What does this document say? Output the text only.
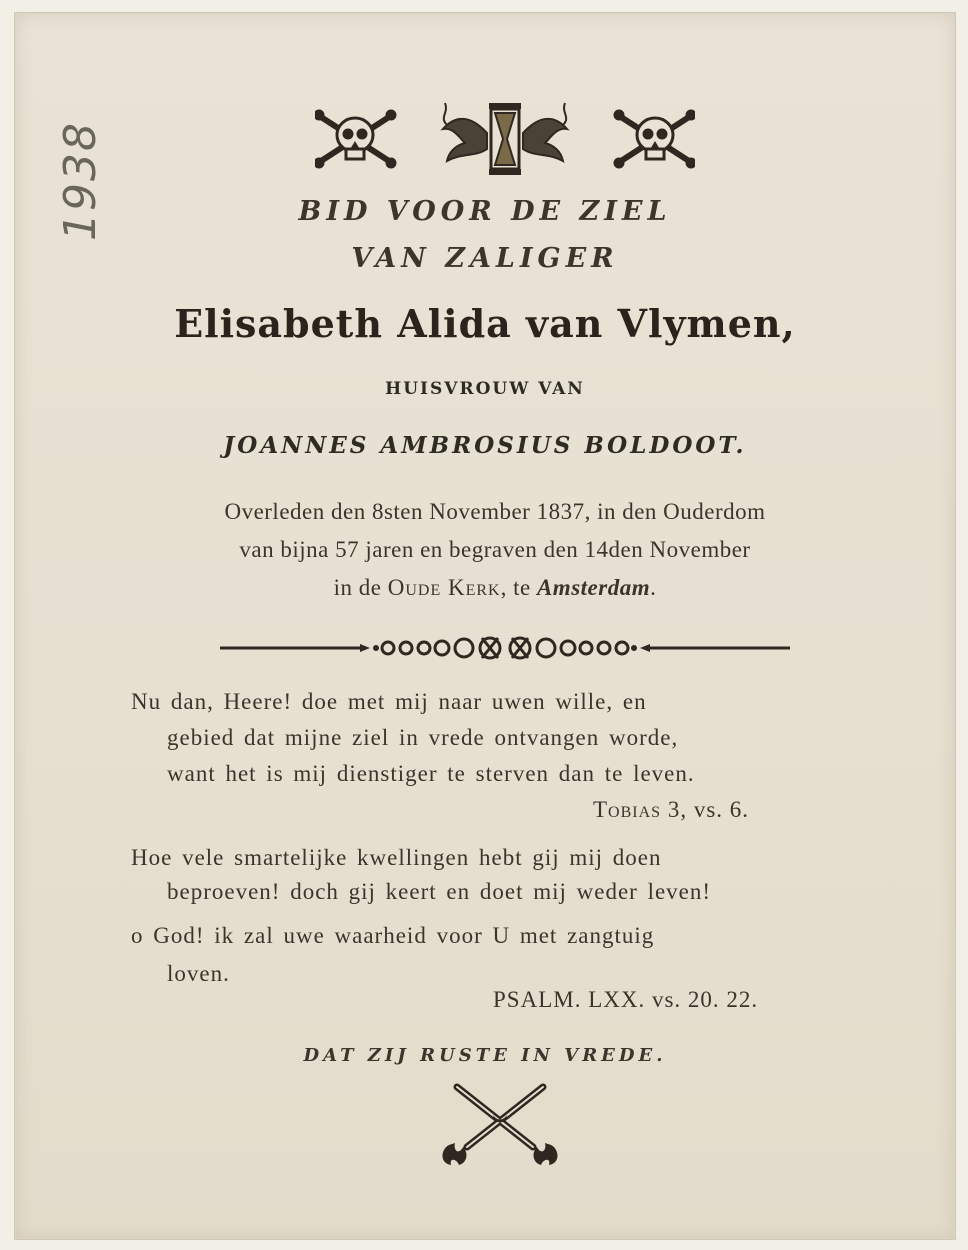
1938	BID VOOR DE ZIEL
VAN ZALIGER
Elisabeth Alida van Vlymen,
HUISVROUW VAN
JOANNES AMBROSIUS BOLDOOT.
Overleden den 8sten November 1837, in den Ouderdom
van bijna 57 jaren en begraven den 14den November
in de Oude Kerk, te Amsterdam.
Nu dan, Heere! doe met mij naar uwen wille, en
gebied dat mijne ziel in vrede ontvangen worde,
want het is mij dienstiger te sterven dan te leven.
Tobias 3, vs. 6.
Hoe vele smartelijke kwellingen hebt gij mij doen
beproeven! doch gij keert en doet mij weder leven!
o God! ik zal uwe waarheid voor U met zangtuig
loven.
PSALM. LXX. vs. 20. 22.
DAT ZIJ RUSTE IN VREDE.
